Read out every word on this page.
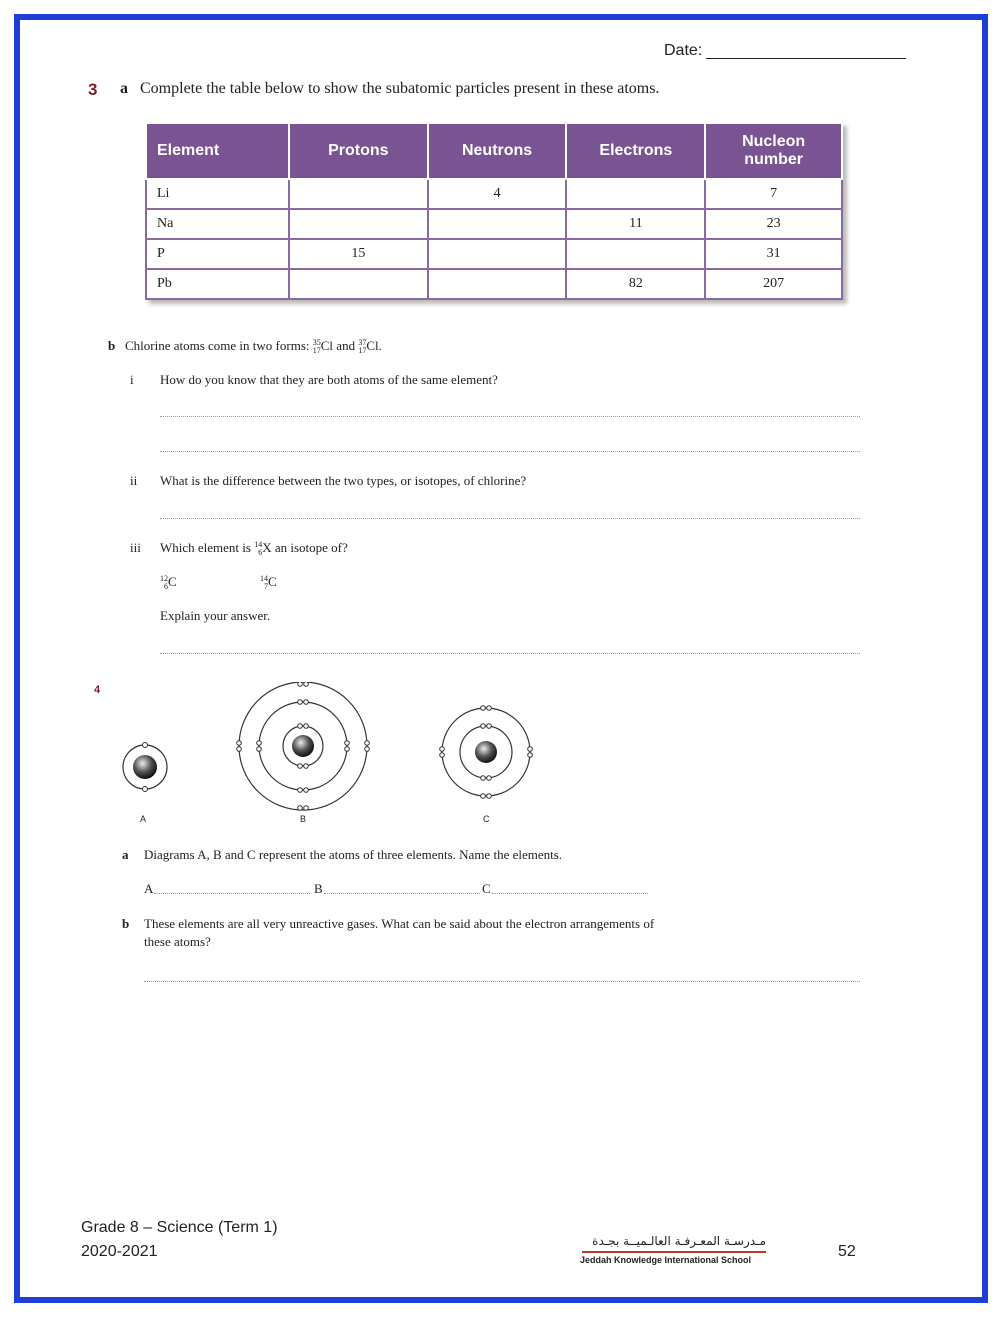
Date:
3 a Complete the table below to show the subatomic particles present in these atoms.
Element	Protons	Neutrons	Electrons	Nucleon number
Li		4		7
Na			11	23
P	15			31
Pb			82	207
b Chlorine atoms come in two forms: 35
17Cl and 37
17Cl.
i How do you know that they are both atoms of the same element?
ii What is the difference between the two types, or isotopes, of chlorine?
iii Which element is 14
6X an isotope of?
12
6C	14
7C
Explain your answer.
4
A	B	C
a Diagrams A, B and C represent the atoms of three elements. Name the elements.
A	B	C
b These elements are all very unreactive gases. What can be said about the electron arrangements of
these atoms?
Grade 8 – Science (Term 1)
2020-2021
مـدرسـة المعـرفـة العالـميــة بجـدة
Jeddah Knowledge International School	52
